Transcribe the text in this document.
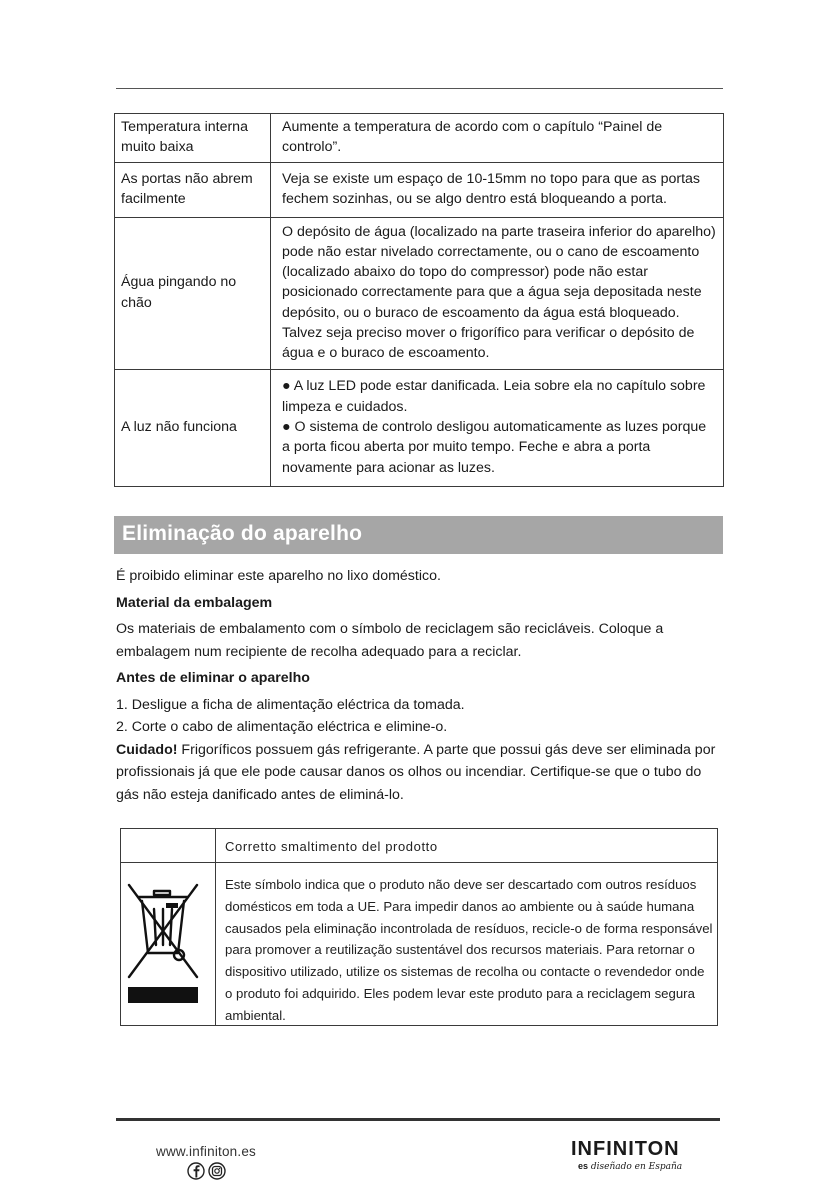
Temperatura interna muito baixa	Aumente a temperatura de acordo com o capítulo “Painel de controlo”.

As portas não abrem facilmente	Veja se existe um espaço de 10-15mm no topo para que as portas fechem sozinhas, ou se algo dentro está bloqueando a porta.

Água pingando no chão	O depósito de água (localizado na parte traseira inferior do aparelho) pode não estar nivelado correctamente, ou o cano de escoamento (localizado abaixo do topo do compressor) pode não estar posicionado correctamente para que a água seja depositada neste depósito, ou o buraco de escoamento da água está bloqueado. Talvez seja preciso mover o frigorífico para verificar o depósito de água e o buraco de escoamento.

A luz não funciona	● A luz LED pode estar danificada. Leia sobre ela no capítulo sobre limpeza e cuidados.

● O sistema de controlo desligou automaticamente as luzes porque a porta ficou aberta por muito tempo. Feche e abra a porta novamente para acionar as luzes.

Eliminação do aparelho

É proibido eliminar este aparelho no lixo doméstico.

Material da embalagem

Os materiais de embalamento com o símbolo de reciclagem são recicláveis. Coloque a embalagem num recipiente de recolha adequado para a reciclar.

Antes de eliminar o aparelho

1. Desligue a ficha de alimentação eléctrica da tomada.

2. Corte o cabo de alimentação eléctrica e elimine-o.

Cuidado! Frigoríficos possuem gás refrigerante. A parte que possui gás deve ser eliminada por profissionais já que ele pode causar danos os olhos ou incendiar. Certifique-se que o tubo do gás não esteja danificado antes de eliminá-lo.

Corretto smaltimento del prodotto
Este símbolo indica que o produto não deve ser descartado com outros resíduos domésticos em toda a UE. Para impedir danos ao ambiente ou à saúde humana causados pela eliminação incontrolada de resíduos, recicle-o de forma responsável para promover a reutilização sustentável dos recursos materiais. Para retornar o dispositivo utilizado, utilize os sistemas de recolha ou contacte o revendedor onde o produto foi adquirido. Eles podem levar este produto para a reciclagem segura ambiental.
www.infiniton.es	INFINITON
es diseñado en España
